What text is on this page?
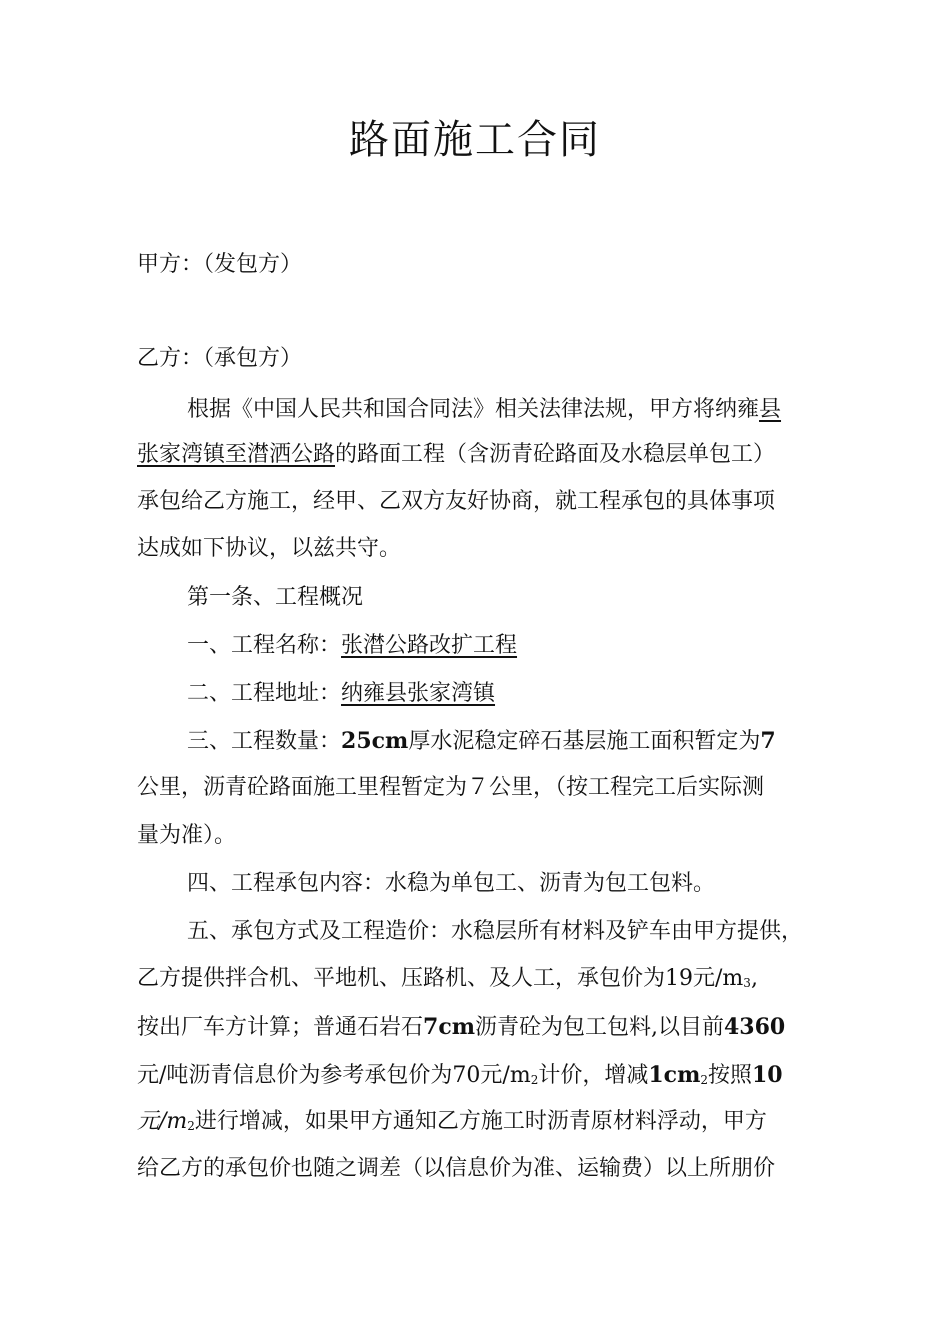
路面施工合同
甲方：（发包方）
乙方：（承包方）
根据《中国人民共和国合同法》相关法律法规，甲方将纳雍县
张家湾镇至澘洒公路的路面工程（含沥青砼路面及水稳层单包工）
承包给乙方施工，经甲、乙双方友好协商，就工程承包的具体事项
达成如下协议，以兹共守。
第一条、工程概况
一、工程名称：张澘公路改扩工程
二、工程地址：纳雍县张家湾镇
三、工程数量：25cm厚水泥稳定碎石基层施工面积暂定为7
公里，沥青砼路面施工里程暂定为７公里，（按工程完工后实际测
量为准）。
四、工程承包内容：水稳为单包工、沥青为包工包料。
五、承包方式及工程造价：水稳层所有材料及铲车由甲方提供，
乙方提供拌合机、平地机、压路机、及人工，承包价为19元/m3,
按出厂车方计算；普通石岩石7cm沥青砼为包工包料,以目前4360
元/吨沥青信息价为参考承包价为70元/m2计价，增减1cm2按照10
元/m2进行增减，如果甲方通知乙方施工时沥青原材料浮动，甲方
给乙方的承包价也随之调差（以信息价为准、运输费）以上所朋价
